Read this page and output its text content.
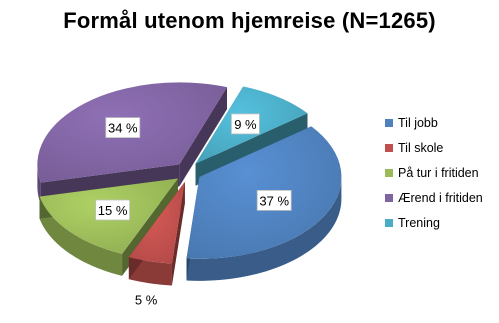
Formål utenom hjemreise (N=1265)
37 %
5 %
15 %
34 %	9 %	Til jobb
Til skole
På tur i fritiden
Ærend i fritiden
Trening
